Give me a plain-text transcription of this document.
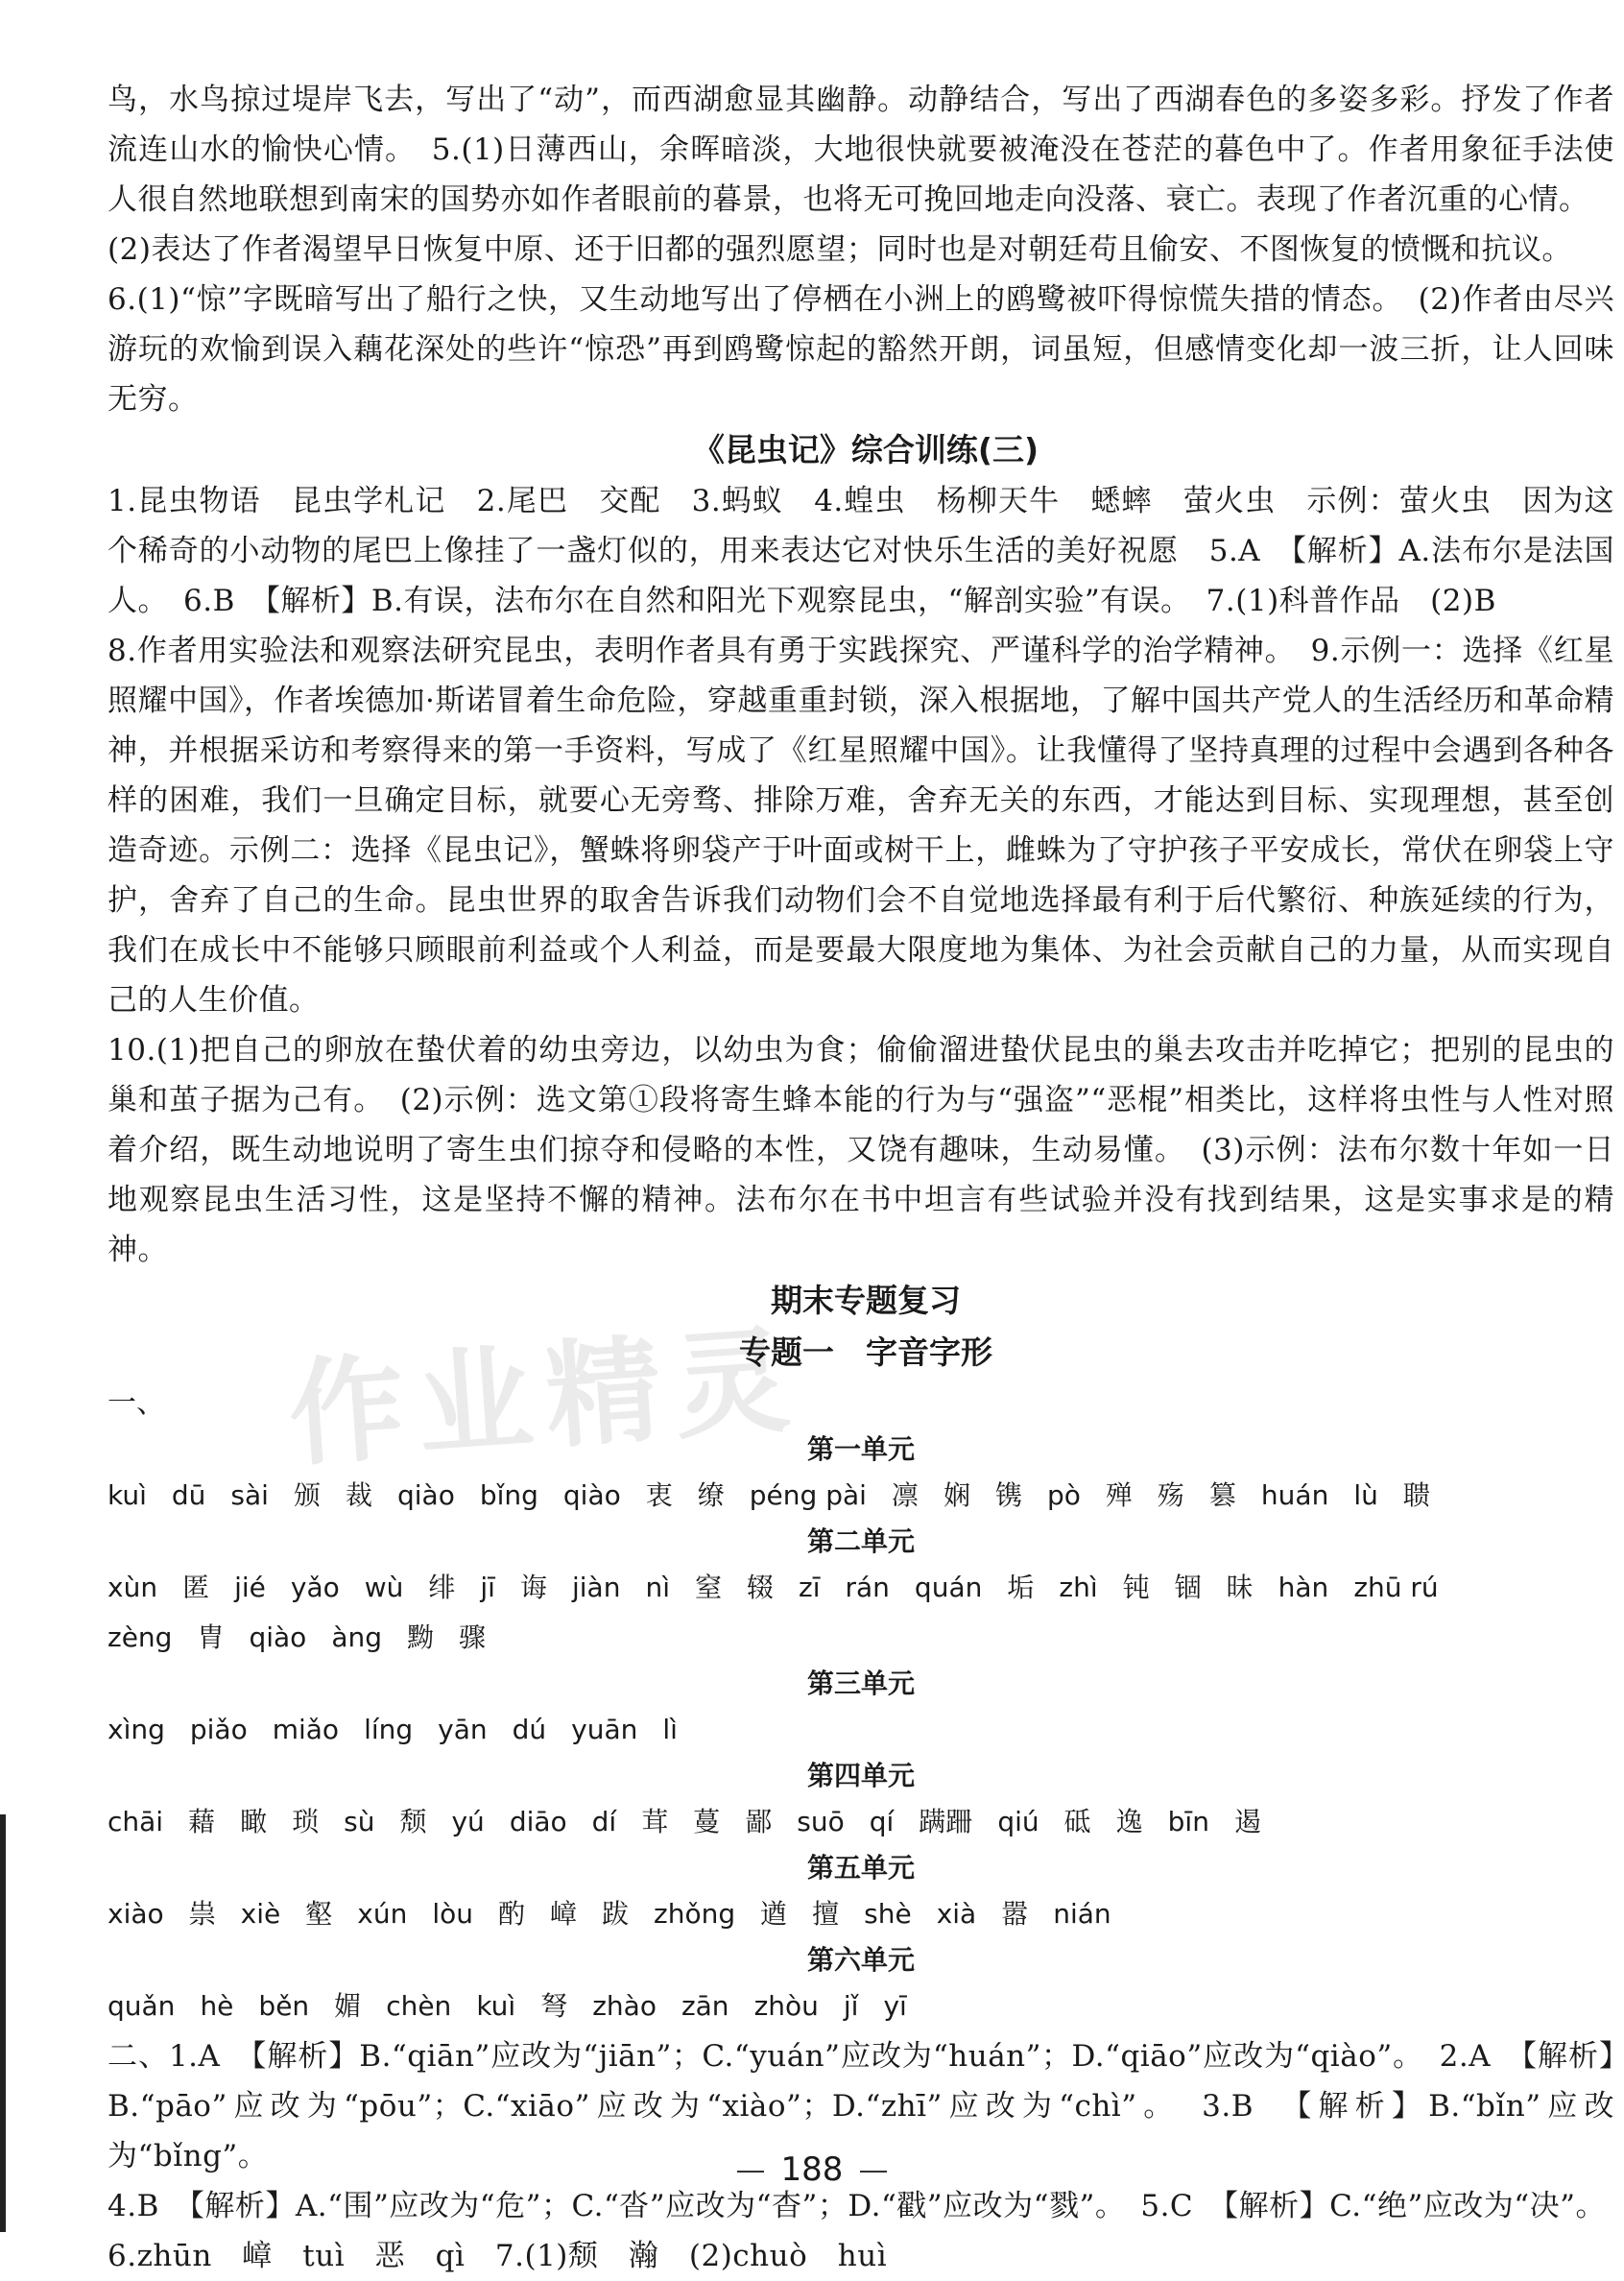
鸟，水鸟掠过堤岸飞去，写出了“动”，而西湖愈显其幽静。动静结合，写出了西湖春色的多姿多彩。抒发了作者流连山水的愉快心情。　5.(1)日薄西山，余晖暗淡，大地很快就要被淹没在苍茫的暮色中了。作者用象征手法使人很自然地联想到南宋的国势亦如作者眼前的暮景，也将无可挽回地走向没落、衰亡。表现了作者沉重的心情。

(2)表达了作者渴望早日恢复中原、还于旧都的强烈愿望；同时也是对朝廷苟且偷安、不图恢复的愤慨和抗议。

6.(1)“惊”字既暗写出了船行之快，又生动地写出了停栖在小洲上的鸥鹭被吓得惊慌失措的情态。　(2)作者由尽兴游玩的欢愉到误入藕花深处的些许“惊恐”再到鸥鹭惊起的豁然开朗，词虽短，但感情变化却一波三折，让人回味无穷。

《昆虫记》综合训练(三)

1.昆虫物语　昆虫学札记　2.尾巴　交配　3.蚂蚁　4.蝗虫　杨柳天牛　蟋蟀　萤火虫　示例：萤火虫　因为这个稀奇的小动物的尾巴上像挂了一盏灯似的，用来表达它对快乐生活的美好祝愿　5.A　【解析】A.法布尔是法国人。　6.B　【解析】B.有误，法布尔在自然和阳光下观察昆虫，“解剖实验”有误。　7.(1)科普作品　(2)B

8.作者用实验法和观察法研究昆虫，表明作者具有勇于实践探究、严谨科学的治学精神。　9.示例一：选择《红星照耀中国》，作者埃德加·斯诺冒着生命危险，穿越重重封锁，深入根据地，了解中国共产党人的生活经历和革命精神，并根据采访和考察得来的第一手资料，写成了《红星照耀中国》。让我懂得了坚持真理的过程中会遇到各种各样的困难，我们一旦确定目标，就要心无旁骛、排除万难，舍弃无关的东西，才能达到目标、实现理想，甚至创造奇迹。示例二：选择《昆虫记》，蟹蛛将卵袋产于叶面或树干上，雌蛛为了守护孩子平安成长，常伏在卵袋上守护，舍弃了自己的生命。昆虫世界的取舍告诉我们动物们会不自觉地选择最有利于后代繁衍、种族延续的行为，我们在成长中不能够只顾眼前利益或个人利益，而是要最大限度地为集体、为社会贡献自己的力量，从而实现自己的人生价值。

10.(1)把自己的卵放在蛰伏着的幼虫旁边，以幼虫为食；偷偷溜进蛰伏昆虫的巢去攻击并吃掉它；把别的昆虫的巢和茧子据为己有。　(2)示例：选文第①段将寄生蜂本能的行为与“强盗”“恶棍”相类比，这样将虫性与人性对照着介绍，既生动地说明了寄生虫们掠夺和侵略的本性，又饶有趣味，生动易懂。　(3)示例：法布尔数十年如一日地观察昆虫生活习性，这是坚持不懈的精神。法布尔在书中坦言有些试验并没有找到结果，这是实事求是的精神。

期末专题复习
专题一　字音字形

一、

第一单元
kuì dū sài 颁 裁 qiào bǐng qiào 衷 缭 péng pài 凛 娴 镌 pò 殚 殇 篡 huán lù 聩
第二单元
xùn 匿 jié yǎo wù 绯 jī 诲 jiàn nì 窒 辍 zī rán quán 垢 zhì 钝 锢 昧 hàn zhū rú
zèng 胄 qiào àng 黝 骤
第三单元
xìng piǎo miǎo líng yān dú yuān lì
第四单元
chāi 藉 瞰 琐 sù 颓 yú diāo dí 茸 蔓 鄙 suō qí 蹒跚 qiú 砥 逸 bīn 遏
第五单元
xiào 祟 xiè 壑 xún lòu 酌 嶂 跋 zhǒng 遒 擅 shè xià 嚣 nián
第六单元
quǎn hè běn 媚 chèn kuì 弩 zhào zān zhòu jǐ yī

二、1.A　【解析】B.“qiān”应改为“jiān”；C.“yuán”应改为“huán”；D.“qiāo”应改为“qiào”。　2.A　【解析】B.“pāo”应改为“pōu”；C.“xiāo”应改为“xiào”；D.“zhī”应改为“chì”。　3.B　【解析】B.“bǐn”应改为“bǐng”。

4.B　【解析】A.“围”应改为“危”；C.“沓”应改为“杳”；D.“戳”应改为“戮”。　5.C　【解析】C.“绝”应改为“决”。

6.zhūn　嶂　tuì　恶　qì　7.(1)颓　瀚　(2)chuò　huì

作业精灵
188
